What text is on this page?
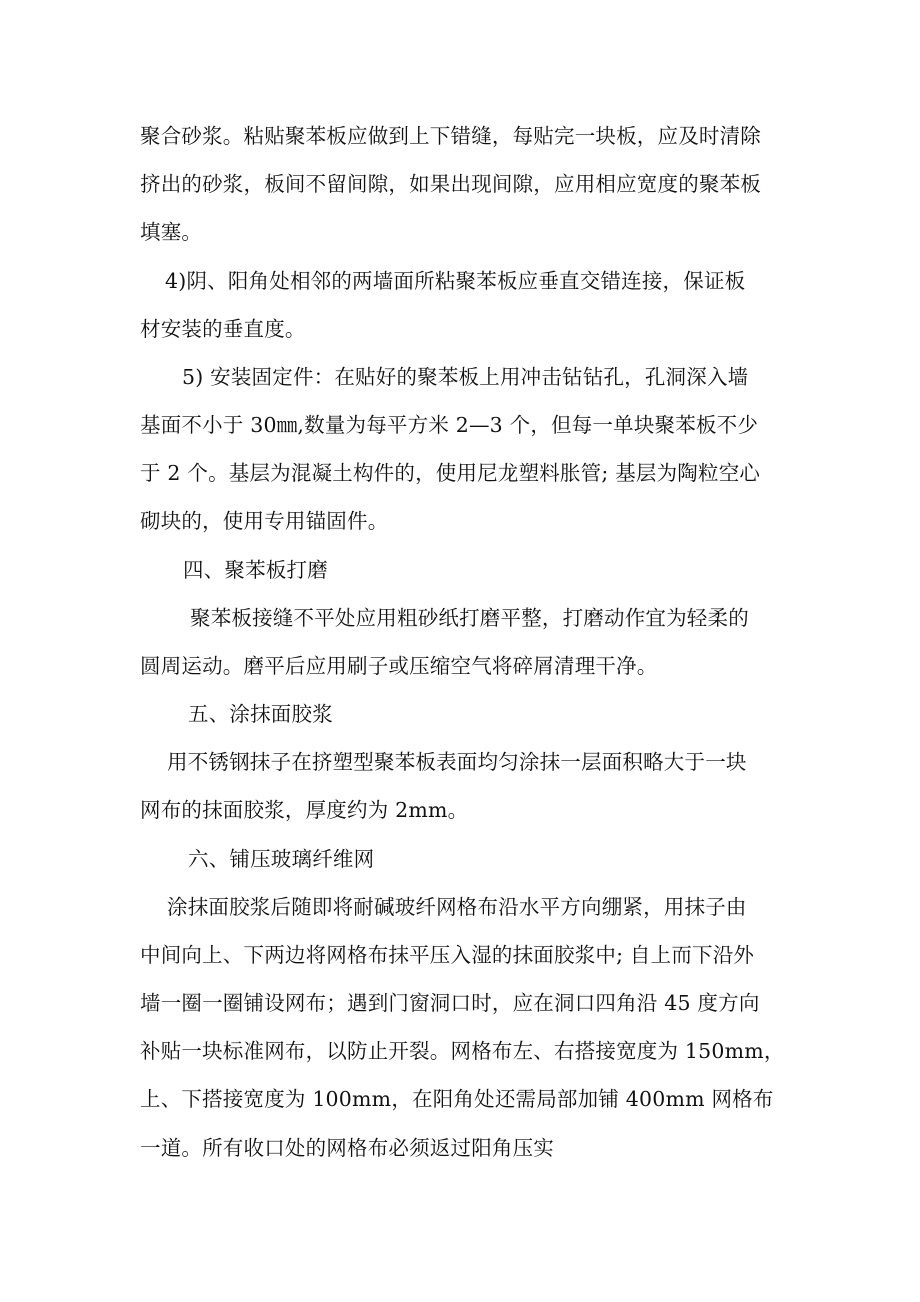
聚合砂浆。粘贴聚苯板应做到上下错缝，每贴完一块板，应及时清除
挤出的砂浆，板间不留间隙，如果出现间隙，应用相应宽度的聚苯板
填塞。
4)阴、阳角处相邻的两墙面所粘聚苯板应垂直交错连接，保证板
材安装的垂直度。
5) 安装固定件：在贴好的聚苯板上用冲击钻钻孔，孔洞深入墙
基面不小于 30㎜,数量为每平方米 2—3 个，但每一单块聚苯板不少
于 2 个。基层为混凝土构件的，使用尼龙塑料胀管; 基层为陶粒空心
砌块的，使用专用锚固件。
四、聚苯板打磨
聚苯板接缝不平处应用粗砂纸打磨平整，打磨动作宜为轻柔的
圆周运动。磨平后应用刷子或压缩空气将碎屑清理干净。
五、涂抹面胶浆
用不锈钢抹子在挤塑型聚苯板表面均匀涂抹一层面积略大于一块
网布的抹面胶浆，厚度约为 2mm。
六、铺压玻璃纤维网
涂抹面胶浆后随即将耐碱玻纤网格布沿水平方向绷紧，用抹子由
中间向上、下两边将网格布抹平压入湿的抹面胶浆中; 自上而下沿外
墙一圈一圈铺设网布；遇到门窗洞口时，应在洞口四角沿 45 度方向
补贴一块标准网布，以防止开裂。网格布左、右搭接宽度为 150mm，
上、下搭接宽度为 100mm，在阳角处还需局部加铺 400mm 网格布
一道。所有收口处的网格布必须返过阳角压实
